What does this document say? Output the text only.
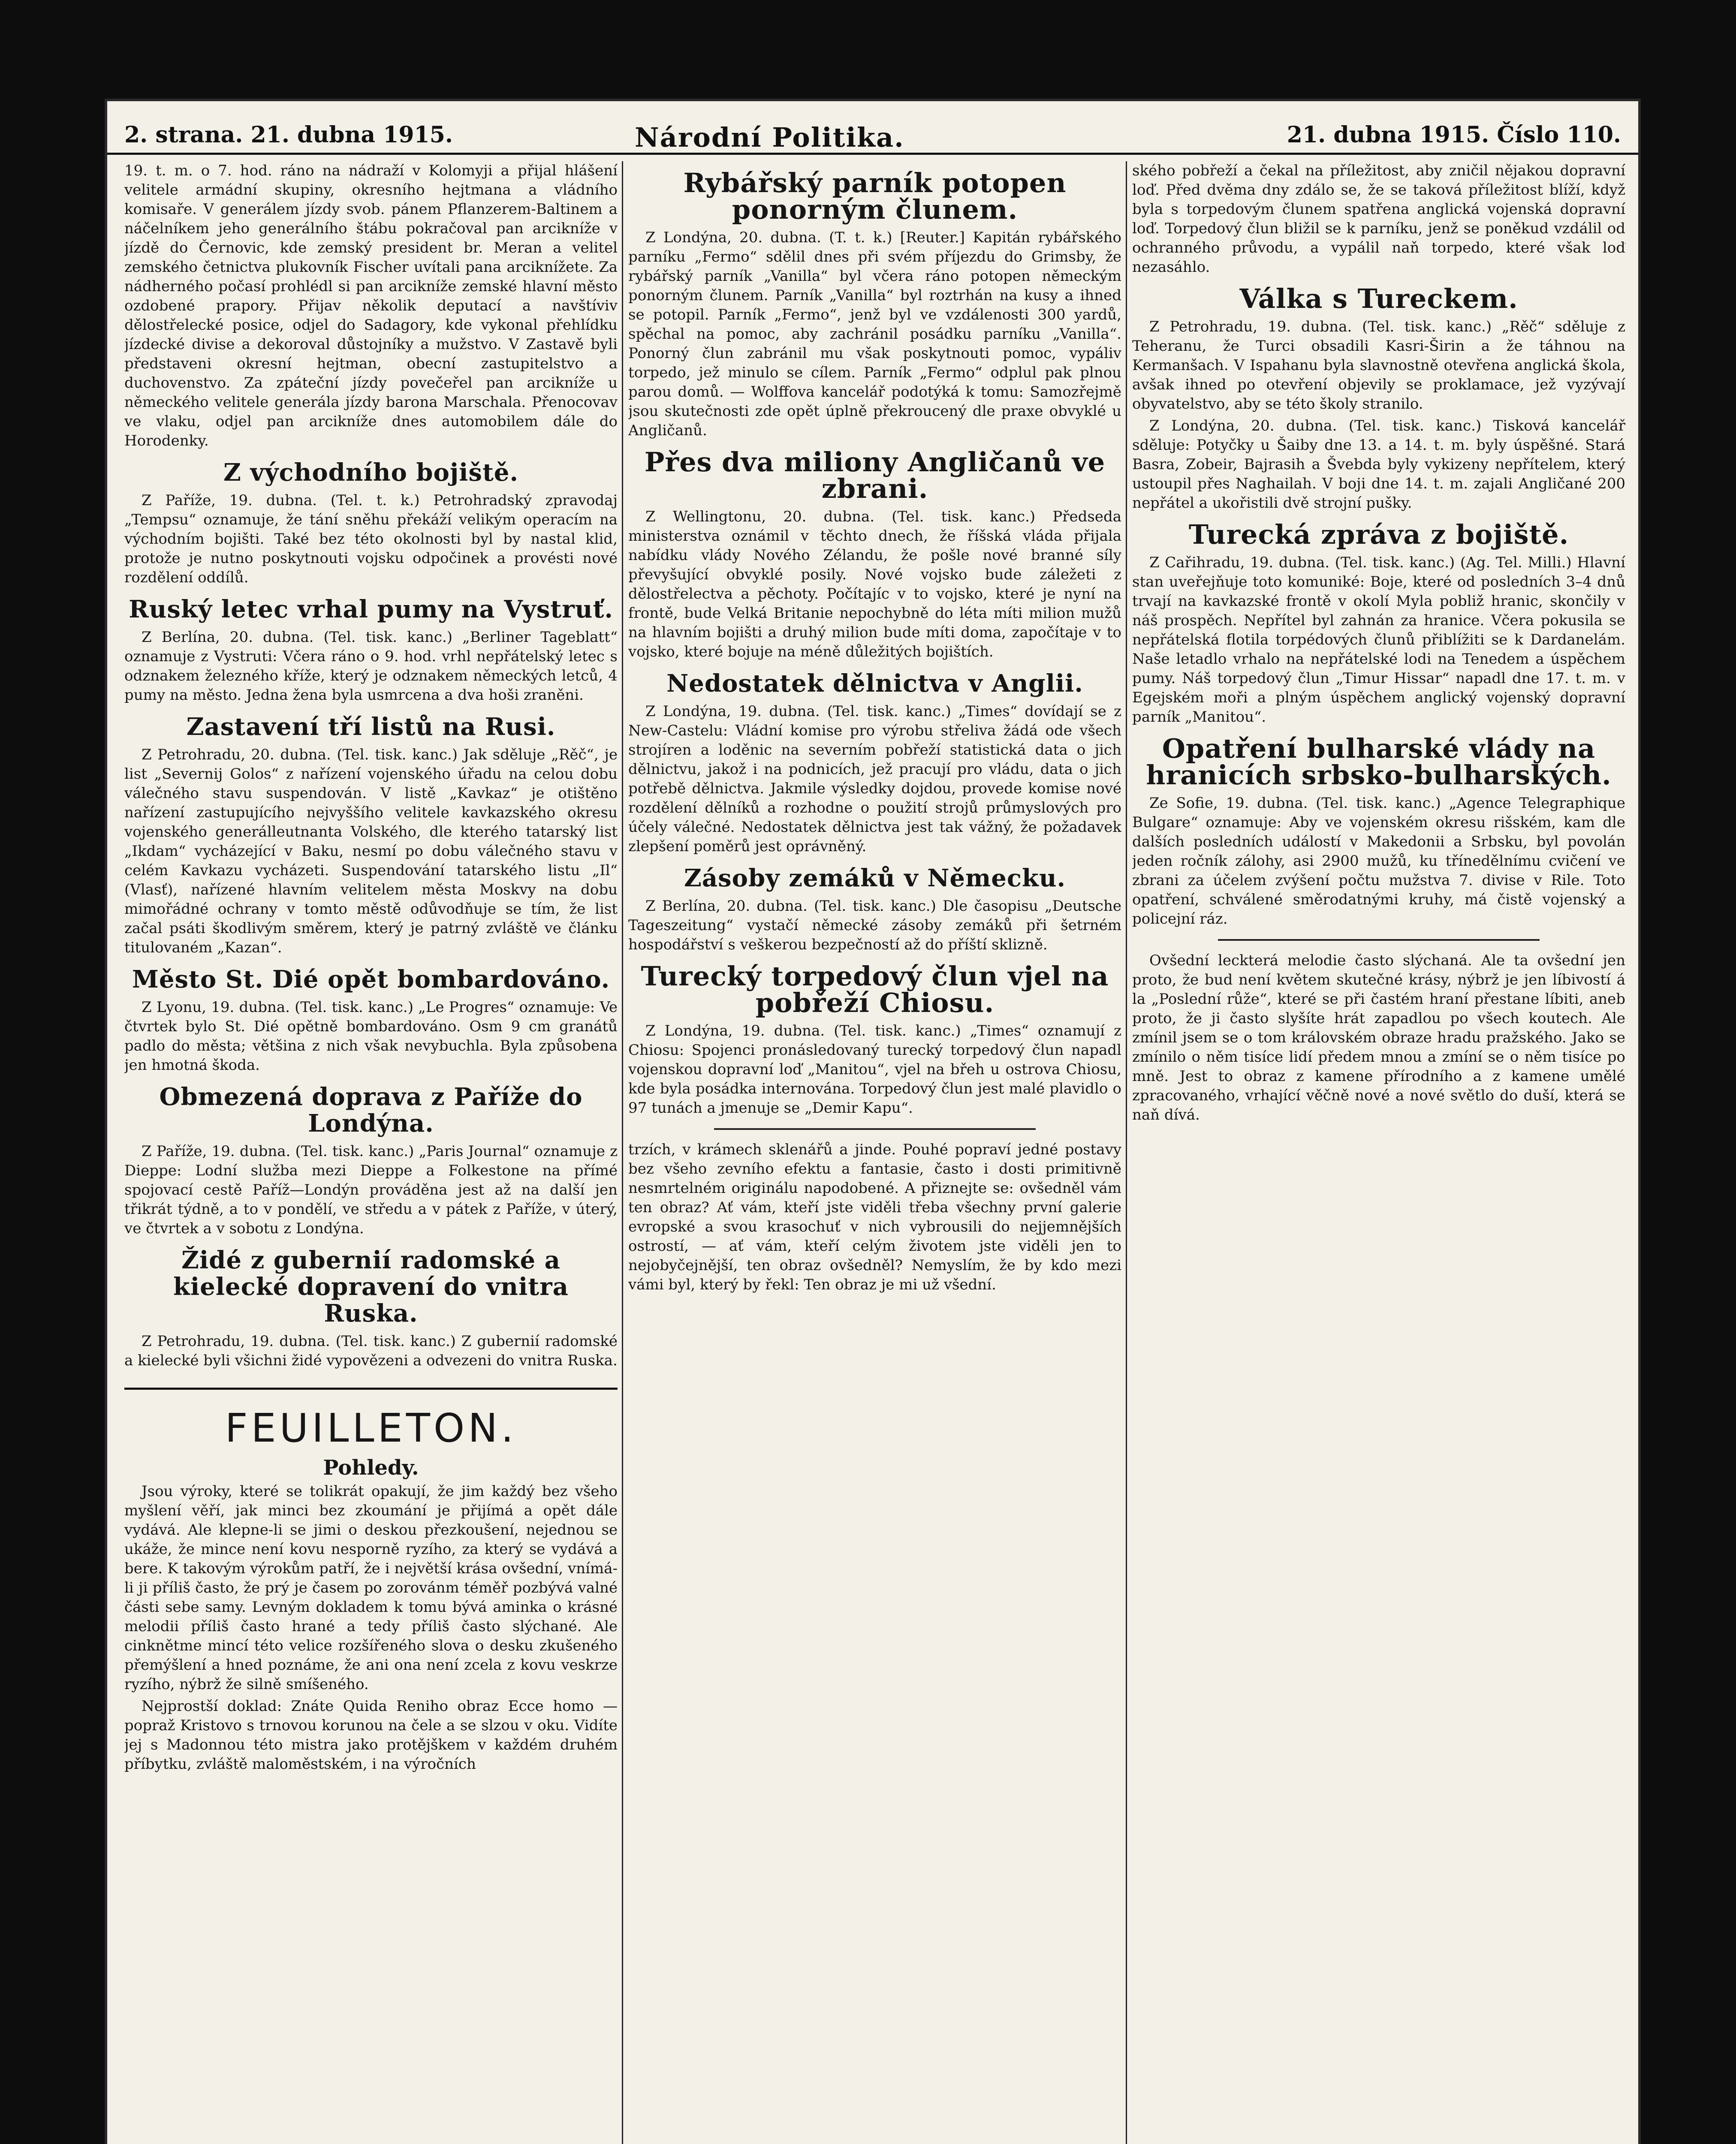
2. strana. 21. dubna 1915.	Národní Politika.	21. dubna 1915. Číslo 110.

19. t. m. o 7. hod. ráno na nádraží v Kolomyji a přijal hlášení velitele armádní skupiny, okresního hejtmana a vládního komisaře. V generálem jízdy svob. pánem Pflanzerem-Baltinem a náčelníkem jeho generálního štábu pokračoval pan arcikníže v jízdě do Černovic, kde zemský president br. Meran a velitel zemského četnictva plukovník Fischer uvítali pana arciknížete. Za nádherného počasí prohlédl si pan arcikníže zemské hlavní město ozdobené prapory. Přijav několik deputací a navštíviv dělostřelecké posice, odjel do Sadagory, kde vykonal přehlídku jízdecké divise a dekoroval důstojníky a mužstvo. V Zastavě byli představeni okresní hejtman, obecní zastupitelstvo a duchovenstvo. Za zpáteční jízdy povečeřel pan arcikníže u německého velitele generála jízdy barona Marschala. Přenocovav ve vlaku, odjel pan arcikníže dnes automobilem dále do Horodenky.

Z východního bojiště.

Z Paříže, 19. dubna. (Tel. t. k.) Petrohradský zpravodaj „Tempsu“ oznamuje, že tání sněhu překáží velikým operacím na východním bojišti. Také bez této okolnosti byl by nastal klid, protože je nutno poskytnouti vojsku odpočinek a provésti nové rozdělení oddílů.

Ruský letec vrhal pumy na Vystruť.

Z Berlína, 20. dubna. (Tel. tisk. kanc.) „Berliner Tageblatt“ oznamuje z Vystruti: Včera ráno o 9. hod. vrhl nepřátelský letec s odznakem železného kříže, který je odznakem německých letců, 4 pumy na město. Jedna žena byla usmrcena a dva hoši zraněni.

Zastavení tří listů na Rusi.

Z Petrohradu, 20. dubna. (Tel. tisk. kanc.) Jak sděluje „Rěč“, je list „Severnij Golos“ z nařízení vojenského úřadu na celou dobu válečného stavu suspendován. V listě „Kavkaz“ je otištěno nařízení zastupujícího nejvyššího velitele kavkazského okresu vojenského generálleutnanta Volského, dle kterého tatarský list „Ikdam“ vycházející v Baku, nesmí po dobu válečného stavu v celém Kavkazu vycházeti. Suspendování tatarského listu „Il“ (Vlasť), nařízené hlavním velitelem města Moskvy na dobu mimořádné ochrany v tomto městě odůvodňuje se tím, že list začal psáti škodlivým směrem, který je patrný zvláště ve článku titulovaném „Kazan“.

Město St. Dié opět bombardováno.

Z Lyonu, 19. dubna. (Tel. tisk. kanc.) „Le Progres“ oznamuje: Ve čtvrtek bylo St. Dié opětně bombardováno. Osm 9 cm granátů padlo do města; většina z nich však nevybuchla. Byla způsobena jen hmotná škoda.

Obmezená doprava z Paříže do Londýna.

Z Paříže, 19. dubna. (Tel. tisk. kanc.) „Paris Journal“ oznamuje z Dieppe: Lodní služba mezi Dieppe a Folkestone na přímé spojovací cestě Paříž—Londýn prováděna jest až na další jen třikrát týdně, a to v pondělí, ve středu a v pátek z Paříže, v úterý, ve čtvrtek a v sobotu z Londýna.

Židé z gubernií radomské a kielecké dopravení do vnitra Ruska.

Z Petrohradu, 19. dubna. (Tel. tisk. kanc.) Z gubernií radomské a kielecké byli všichni židé vypovězeni a odvezeni do vnitra Ruska.

FEUILLETON.
Pohledy.

Jsou výroky, které se tolikrát opakují, že jim každý bez všeho myšlení věří, jak minci bez zkoumání je přijímá a opět dále vydává. Ale klepne-li se jimi o deskou přezkoušení, nejednou se ukáže, že mince není kovu nesporně ryzího, za který se vydává a bere. K takovým výrokům patří, že i největší krása ovšední, vnímá-li ji příliš často, že prý je časem po zorovánm téměř pozbývá valné části sebe samy. Levným dokladem k tomu bývá aminka o krásné melodii příliš často hrané a tedy příliš často slýchané. Ale cinknětme mincí této velice rozšířeného slova o desku zkušeného přemýšlení a hned poznáme, že ani ona není zcela z kovu veskrze ryzího, nýbrž že silně smíšeného.

Nejprostší doklad: Znáte Quida Reniho obraz Ecce homo — popraž Kristovo s trnovou korunou na čele a se slzou v oku. Vidíte jej s Madonnou této mistra jako protějškem v každém druhém příbytku, zvláště maloměstském, i na výročních

Rybářský parník potopen ponorným člunem.

Z Londýna, 20. dubna. (T. t. k.) [Reuter.] Kapitán rybářského parníku „Fermo“ sdělil dnes při svém příjezdu do Grimsby, že rybářský parník „Vanilla“ byl včera ráno potopen německým ponorným člunem. Parník „Vanilla“ byl roztrhán na kusy a ihned se potopil. Parník „Fermo“, jenž byl ve vzdálenosti 300 yardů, spěchal na pomoc, aby zachránil posádku parníku „Vanilla“. Ponorný člun zabránil mu však poskytnouti pomoc, vypáliv torpedo, jež minulo se cílem. Parník „Fermo“ odplul pak plnou parou domů. — Wolffova kancelář podotýká k tomu: Samozřejmě jsou skutečnosti zde opět úplně překroucený dle praxe obvyklé u Angličanů.

Přes dva miliony Angličanů ve zbrani.

Z Wellingtonu, 20. dubna. (Tel. tisk. kanc.) Předseda ministerstva oznámil v těchto dnech, že říšská vláda přijala nabídku vlády Nového Zélandu, že pošle nové branné síly převyšující obvyklé posily. Nové vojsko bude záležeti z dělostřelectva a pěchoty. Počítajíc v to vojsko, které je nyní na frontě, bude Velká Britanie nepochybně do léta míti milion mužů na hlavním bojišti a druhý milion bude míti doma, započítaje v to vojsko, které bojuje na méně důležitých bojištích.

Nedostatek dělnictva v Anglii.

Z Londýna, 19. dubna. (Tel. tisk. kanc.) „Times“ dovídají se z New-Castelu: Vládní komise pro výrobu střeliva žádá ode všech strojíren a loděnic na severním pobřeží statistická data o jich dělnictvu, jakož i na podnicích, jež pracují pro vládu, data o jich potřebě dělnictva. Jakmile výsledky dojdou, provede komise nové rozdělení dělníků a rozhodne o použití strojů průmyslových pro účely válečné. Nedostatek dělnictva jest tak vážný, že požadavek zlepšení poměrů jest oprávněný.

Zásoby zemáků v Německu.

Z Berlína, 20. dubna. (Tel. tisk. kanc.) Dle časopisu „Deutsche Tageszeitung“ vystačí německé zásoby zemáků při šetrném hospodářství s veškerou bezpečností až do příští sklizně.

Turecký torpedový člun vjel na pobřeží Chiosu.

Z Londýna, 19. dubna. (Tel. tisk. kanc.) „Times“ oznamují z Chiosu: Spojenci pronásledovaný turecký torpedový člun napadl vojenskou dopravní loď „Manitou“, vjel na břeh u ostrova Chiosu, kde byla posádka internována. Torpedový člun jest malé plavidlo o 97 tunách a jmenuje se „Demir Kapu“.

trzích, v krámech sklenářů a jinde. Pouhé popraví jedné postavy bez všeho zevního efektu a fantasie, často i dosti primitivně nesmrtelném originálu napodobené. A přiznejte se: ovšedněl vám ten obraz? Ať vám, kteří jste viděli třeba všechny první galerie evropské a svou krasochuť v nich vybrousili do nejjemnějších ostrostí, — ať vám, kteří celým životem jste viděli jen to nejobyčejnější, ten obraz ovšedněl? Nemyslím, že by kdo mezi vámi byl, který by řekl: Ten obraz je mi už všední.

ského pobřeží a čekal na příležitost, aby zničil nějakou dopravní loď. Před dvěma dny zdálo se, že se taková příležitost blíží, když byla s torpedovým člunem spatřena anglická vojenská dopravní loď. Torpedový člun bližil se k parníku, jenž se poněkud vzdálil od ochranného průvodu, a vypálil naň torpedo, které však loď nezasáhlo.

Válka s Tureckem.

Z Petrohradu, 19. dubna. (Tel. tisk. kanc.) „Rěč“ sděluje z Teheranu, že Turci obsadili Kasri-Širin a že táhnou na Kermanšach. V Ispahanu byla slavnostně otevřena anglická škola, avšak ihned po otevření objevily se proklamace, jež vyzývají obyvatelstvo, aby se této školy stranilo.

Z Londýna, 20. dubna. (Tel. tisk. kanc.) Tisková kancelář sděluje: Potyčky u Šaiby dne 13. a 14. t. m. byly úspěšné. Stará Basra, Zobeir, Bajrasih a Švebda byly vykizeny nepřítelem, který ustoupil přes Naghailah. V boji dne 14. t. m. zajali Angličané 200 nepřátel a ukořistili dvě strojní pušky.

Turecká zpráva z bojiště.

Z Cařihradu, 19. dubna. (Tel. tisk. kanc.) (Ag. Tel. Milli.) Hlavní stan uveřejňuje toto komuniké: Boje, které od posledních 3–4 dnů trvají na kavkazské frontě v okolí Myla pobliž hranic, skončily v náš prospěch. Nepřítel byl zahnán za hranice. Včera pokusila se nepřátelská flotila torpédových člunů přiblížiti se k Dardanelám. Naše letadlo vrhalo na nepřátelské lodi na Tenedem a úspěchem pumy. Náš torpedový člun „Timur Hissar“ napadl dne 17. t. m. v Egejském moři a plným úspěchem anglický vojenský dopravní parník „Manitou“.

Opatření bulharské vlády na hranicích srbsko-bulharských.

Ze Sofie, 19. dubna. (Tel. tisk. kanc.) „Agence Telegraphique Bulgare“ oznamuje: Aby ve vojenském okresu rišském, kam dle dalších posledních událostí v Makedonii a Srbsku, byl povolán jeden ročník zálohy, asi 2900 mužů, ku třínedělnímu cvičení ve zbrani za účelem zvýšení počtu mužstva 7. divise v Rile. Toto opatření, schválené směrodatnými kruhy, má čistě vojenský a policejní ráz.

Ovšední leckterá melodie často slýchaná. Ale ta ovšední jen proto, že bud není květem skutečné krásy, nýbrž je jen líbivostí á la „Poslední růže“, které se při častém hraní přestane líbiti, aneb proto, že ji často slyšíte hrát zapadlou po všech koutech. Ale zmínil jsem se o tom královském obraze hradu pražského. Jako se zmínilo o něm tisíce lidí předem mnou a zmíní se o něm tisíce po mně. Jest to obraz z kamene přírodního a z kamene umělé zpracovaného, vrhající věčně nové a nové světlo do duší, která se naň dívá.
